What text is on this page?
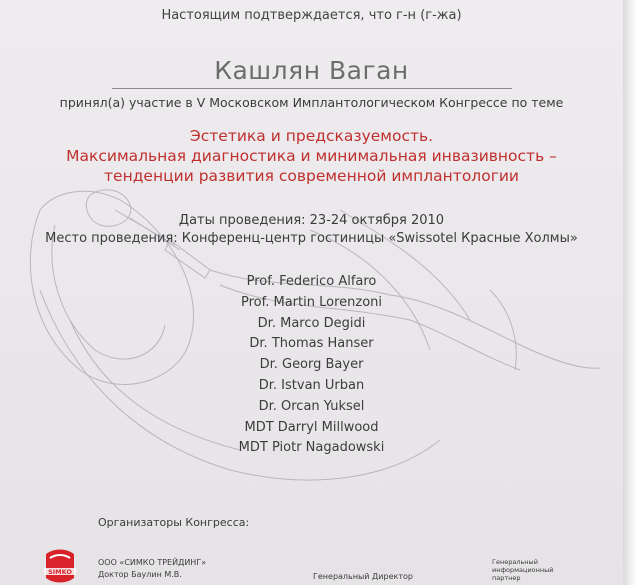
Настоящим подтверждается, что г-н (г-жа)
Кашлян Ваган
принял(а) участие в V Московском Имплантологическом Конгрессе по теме
Эстетика и предсказуемость.
Максимальная диагностика и минимальная инвазивность –
тенденции развития современной имплантологии
Даты проведения: 23-24 октября 2010
Место проведения: Конференц-центр гостиницы «Swissotel Красные Холмы»
Prof. Federico Alfaro
Prof. Martin Lorenzoni
Dr. Marco Degidi
Dr. Thomas Hanser
Dr. Georg Bayer
Dr. Istvan Urban
Dr. Orcan Yuksel
MDT Darryl Millwood
MDT Piotr Nagadowski
Организаторы Конгресса:
SIMKO
ООО «СИМКО ТРЕЙДИНГ»
Доктор Баулин М.В.	Генеральный Директор
Генеральный
информационный
партнер
